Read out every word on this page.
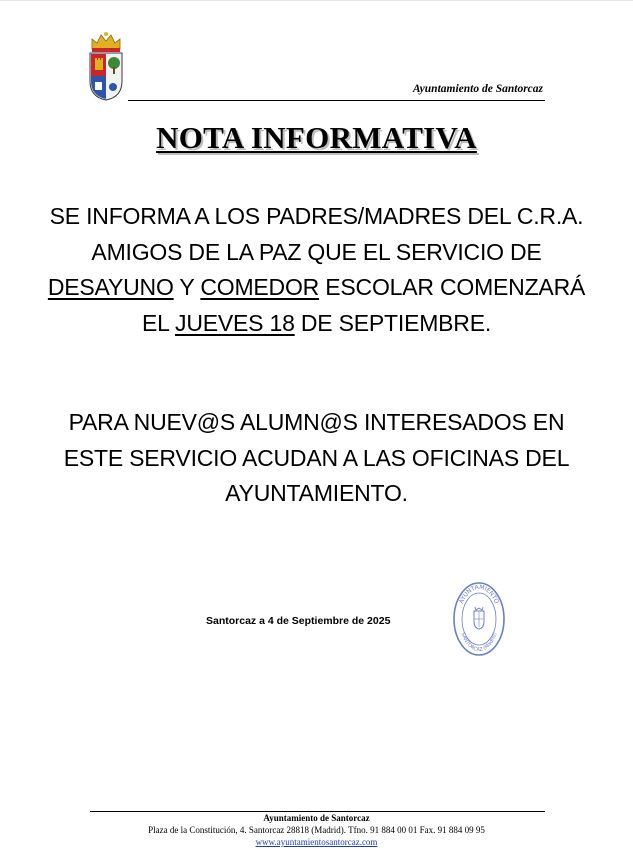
Ayuntamiento de Santorcaz
NOTA INFORMATIVA
SE INFORMA A LOS PADRES/MADRES DEL C.R.A. AMIGOS DE LA PAZ QUE EL SERVICIO DE DESAYUNO Y COMEDOR ESCOLAR COMENZARÁ EL JUEVES 18 DE SEPTIEMBRE.
PARA NUEV@S ALUMN@S INTERESADOS EN ESTE SERVICIO ACUDAN A LAS OFICINAS DEL AYUNTAMIENTO.
Santorcaz a 4 de Septiembre de 2025
AYUNTAMIENTO
SANTORCAZ (Madrid)
Ayuntamiento de Santorcaz
Plaza de la Constitución, 4. Santorcaz 28818 (Madrid). Tfno. 91 884 00 01 Fax. 91 884 09 95
www.ayuntamientosantorcaz.com
